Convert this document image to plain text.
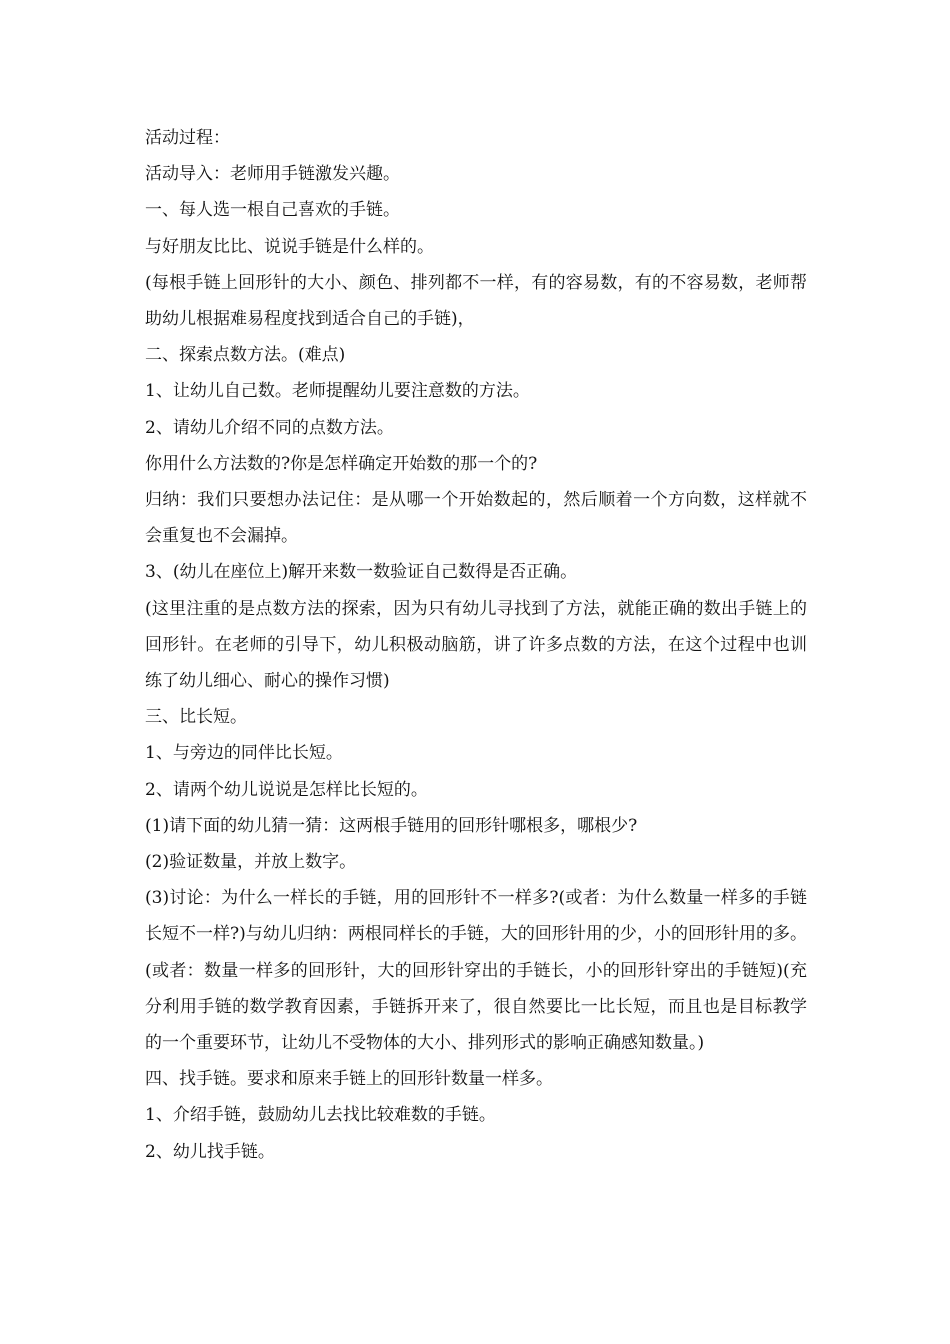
活动过程：

活动导入：老师用手链激发兴趣。

一、每人选一根自己喜欢的手链。

与好朋友比比、说说手链是什么样的。

(每根手链上回形针的大小、颜色、排列都不一样，有的容易数，有的不容易数，老师帮助幼儿根据难易程度找到适合自己的手链)，

二、探索点数方法。(难点)

1、让幼儿自己数。老师提醒幼儿要注意数的方法。

2、请幼儿介绍不同的点数方法。

你用什么方法数的?你是怎样确定开始数的那一个的?

归纳：我们只要想办法记住：是从哪一个开始数起的，然后顺着一个方向数，这样就不会重复也不会漏掉。

3、(幼儿在座位上)解开来数一数验证自己数得是否正确。

(这里注重的是点数方法的探索，因为只有幼儿寻找到了方法，就能正确的数出手链上的回形针。在老师的引导下，幼儿积极动脑筋，讲了许多点数的方法，在这个过程中也训练了幼儿细心、耐心的操作习惯)

三、比长短。

1、与旁边的同伴比长短。

2、请两个幼儿说说是怎样比长短的。

(1)请下面的幼儿猜一猜：这两根手链用的回形针哪根多，哪根少?

(2)验证数量，并放上数字。

(3)讨论：为什么一样长的手链，用的回形针不一样多?(或者：为什么数量一样多的手链长短不一样?)与幼儿归纳：两根同样长的手链，大的回形针用的少，小的回形针用的多。(或者：数量一样多的回形针，大的回形针穿出的手链长，小的回形针穿出的手链短)(充分利用手链的数学教育因素，手链拆开来了，很自然要比一比长短，而且也是目标教学的一个重要环节，让幼儿不受物体的大小、排列形式的影响正确感知数量。)

四、找手链。要求和原来手链上的回形针数量一样多。

1、介绍手链，鼓励幼儿去找比较难数的手链。

2、幼儿找手链。
